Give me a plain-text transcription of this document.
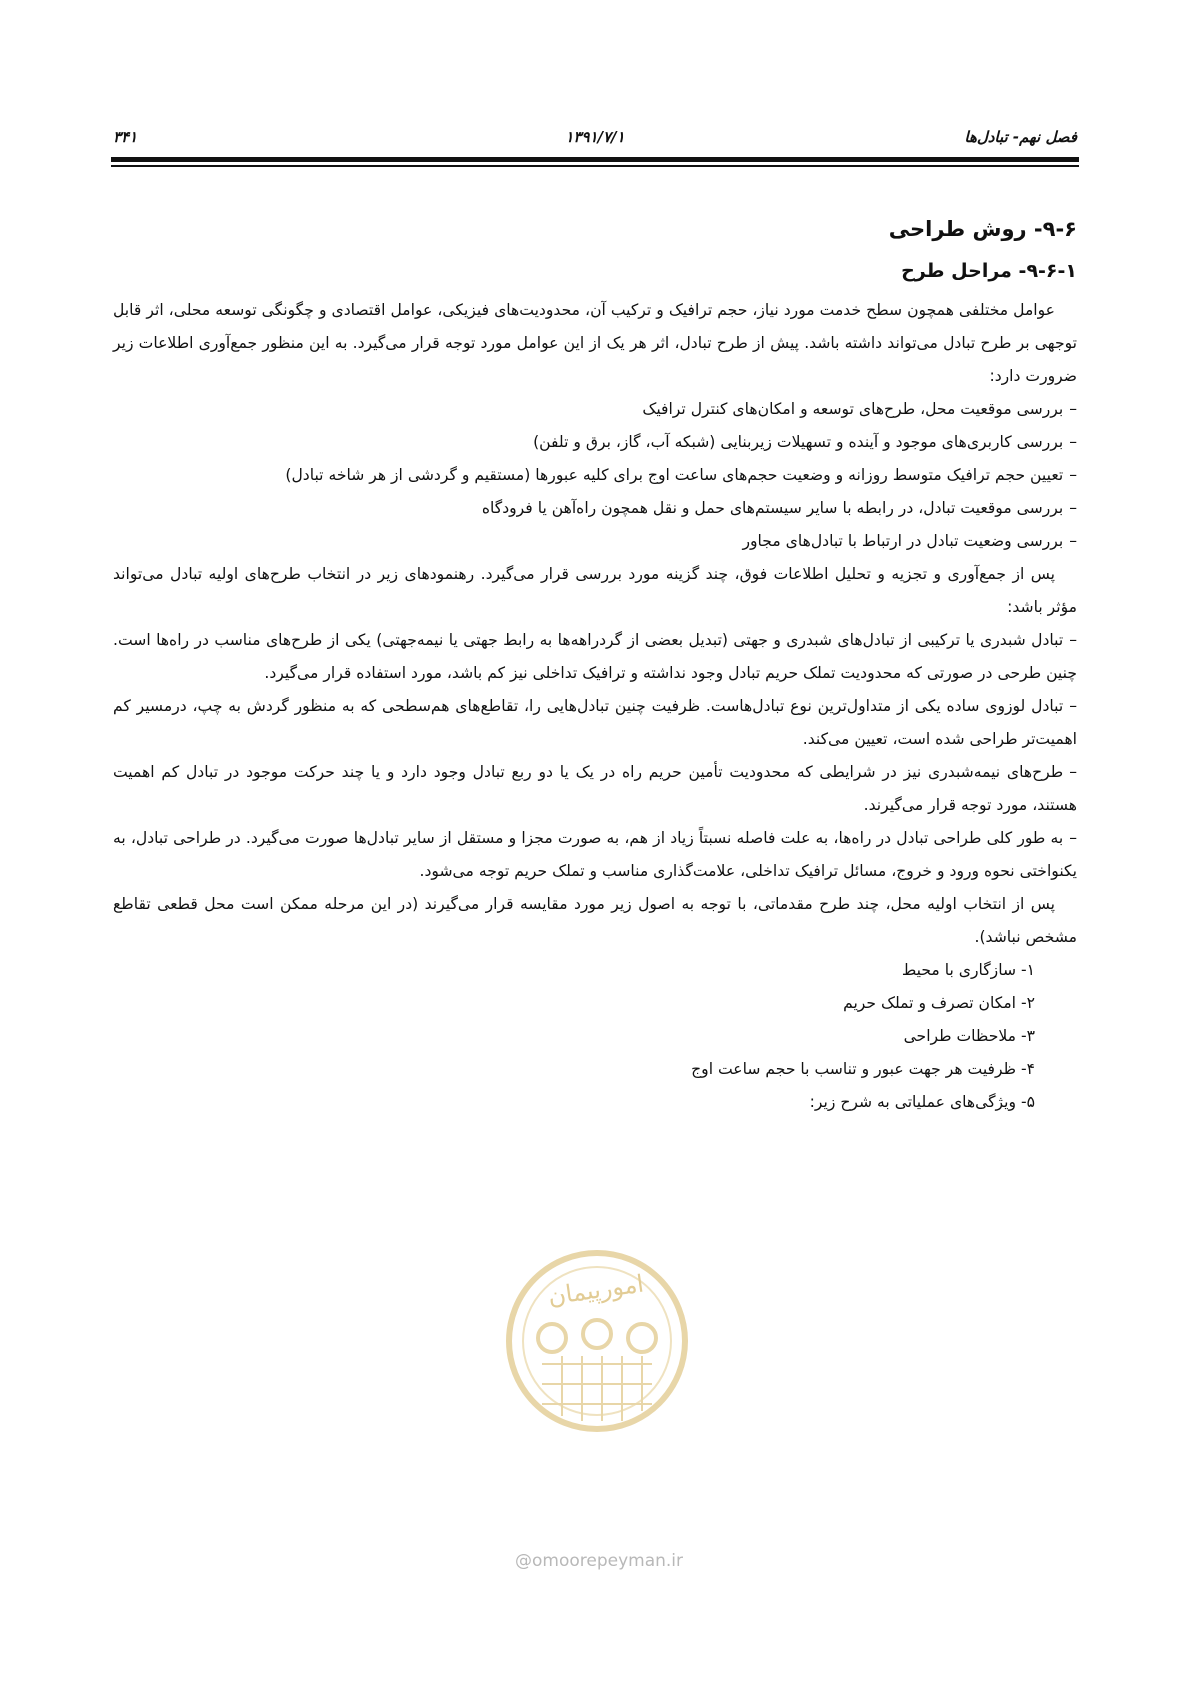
فصل نهم- تبادل‌ها
۱۳۹۱/۷/۱
۳۴۱
۹-۶- روش طراحی
۹-۶-۱- مراحل طرح

عوامل مختلفی همچون سطح خدمت مورد نیاز، حجم ترافیک و ترکیب آن، محدودیت‌های فیزیکی، عوامل اقتصادی و چگونگی توسعه محلی، اثر قابل توجهی بر طرح تبادل می‌تواند داشته باشد. پیش از طرح تبادل، اثر هر یک از این عوامل مورد توجه قرار می‌گیرد. به این منظور جمع‌آوری اطلاعات زیر ضرورت دارد:

–بررسی موقعیت محل، طرح‌های توسعه و امکان‌های کنترل ترافیک
–بررسی کاربری‌های موجود و آینده و تسهیلات زیربنایی (شبکه آب، گاز، برق و تلفن)
–تعیین حجم ترافیک متوسط روزانه و وضعیت حجم‌های ساعت اوج برای کلیه عبورها (مستقیم و گردشی از هر شاخه تبادل)
–بررسی موقعیت تبادل، در رابطه با سایر سیستم‌های حمل و نقل همچون راه‌آهن یا فرودگاه
–بررسی وضعیت تبادل در ارتباط با تبادل‌های مجاور

پس از جمع‌آوری و تجزیه و تحلیل اطلاعات فوق، چند گزینه مورد بررسی قرار می‌گیرد. رهنمودهای زیر در انتخاب طرح‌های اولیه تبادل می‌تواند مؤثر باشد:

–تبادل شبدری یا ترکیبی از تبادل‌های شبدری و جهتی (تبدیل بعضی از گردراهه‌ها به رابط جهتی یا نیمه‌جهتی) یکی از طرح‌های مناسب در راه‌ها است. چنین طرحی در صورتی که محدودیت تملک حریم تبادل وجود نداشته و ترافیک تداخلی نیز کم باشد، مورد استفاده قرار می‌گیرد.
–تبادل لوزوی ساده یکی از متداول‌ترین نوع تبادل‌هاست. ظرفیت چنین تبادل‌هایی را، تقاطع‌های هم‌سطحی که به منظور گردش به چپ، درمسیر کم اهمیت‌تر طراحی شده است، تعیین می‌کند.
–طرح‌های نیمه‌شبدری نیز در شرایطی که محدودیت تأمین حریم راه در یک یا دو ربع تبادل وجود دارد و یا چند حرکت موجود در تبادل کم اهمیت هستند، مورد توجه قرار می‌گیرند.
–به طور کلی طراحی تبادل در راه‌ها، به علت فاصله نسبتاً زیاد از هم، به صورت مجزا و مستقل از سایر تبادل‌ها صورت می‌گیرد. در طراحی تبادل، به یکنواختی نحوه ورود و خروج، مسائل ترافیک تداخلی، علامت‌گذاری مناسب و تملک حریم توجه می‌شود.

پس از انتخاب اولیه محل، چند طرح مقدماتی، با توجه به اصول زیر مورد مقایسه قرار می‌گیرند (در این مرحله ممکن است محل قطعی تقاطع مشخص نباشد).

۱- سازگاری با محیط
۲- امکان تصرف و تملک حریم
۳- ملاحظات طراحی
۴- ظرفیت هر جهت عبور و تناسب با حجم ساعت اوج
۵- ویژگی‌های عملیاتی به شرح زیر:
امورپیمان
@omoorepeyman.ir
